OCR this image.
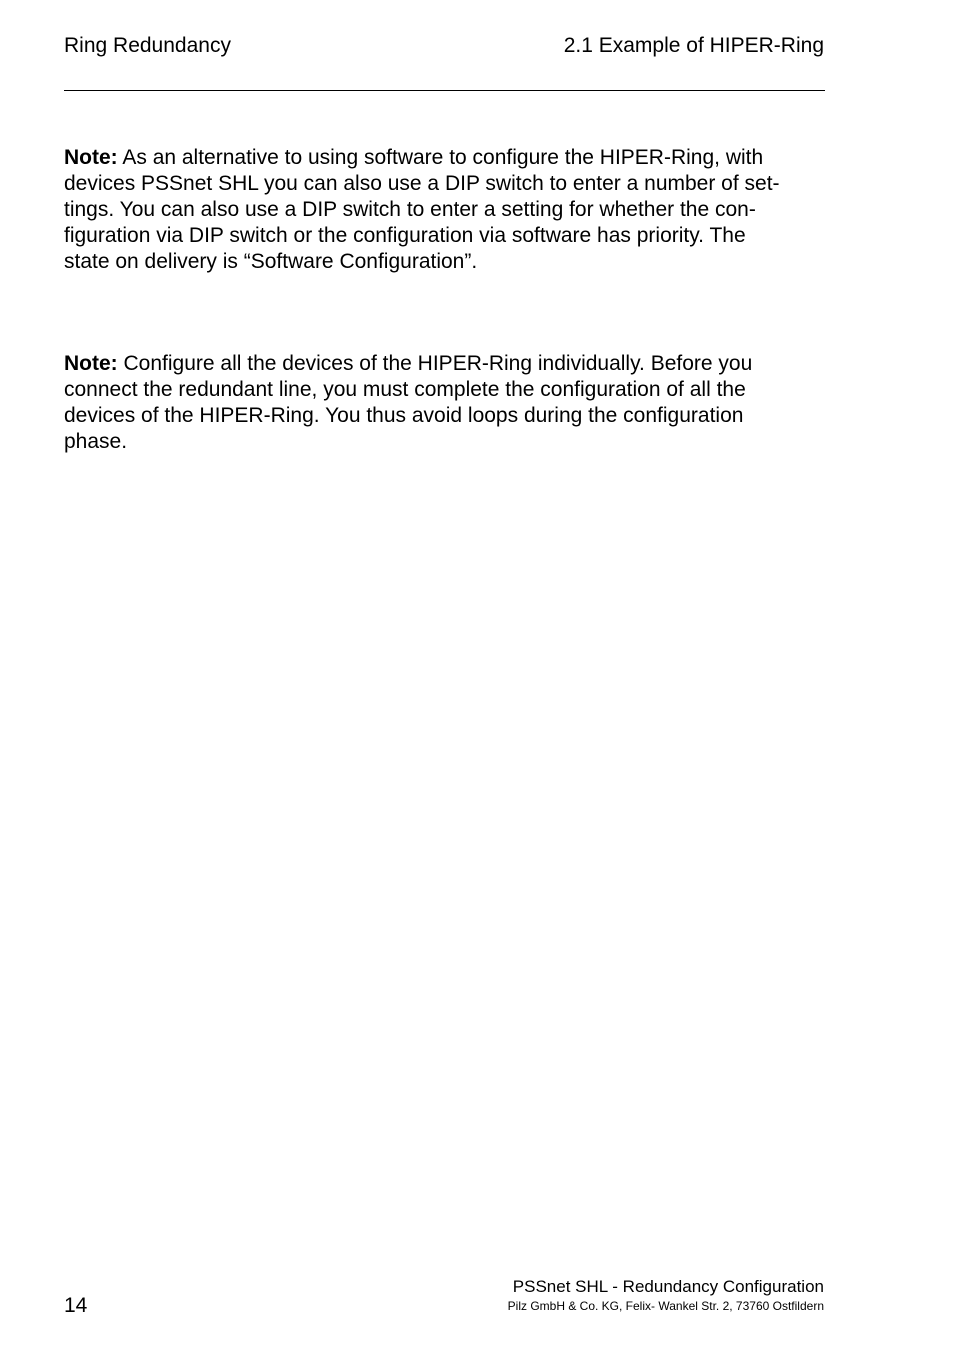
Ring Redundancy	2.1 Example of HIPER-Ring

Note: As an alternative to using software to configure the HIPER-Ring, with
devices PSSnet SHL you can also use a DIP switch to enter a number of set-
tings. You can also use a DIP switch to enter a setting for whether the con-
figuration via DIP switch or the configuration via software has priority. The
state on delivery is “Software Configuration”.

Note: Configure all the devices of the HIPER-Ring individually. Before you
connect the redundant line, you must complete the configuration of all the
devices of the HIPER-Ring. You thus avoid loops during the configuration
phase.

14
PSSnet SHL - Redundancy Configuration
Pilz GmbH & Co. KG, Felix- Wankel Str. 2, 73760 Ostfildern
